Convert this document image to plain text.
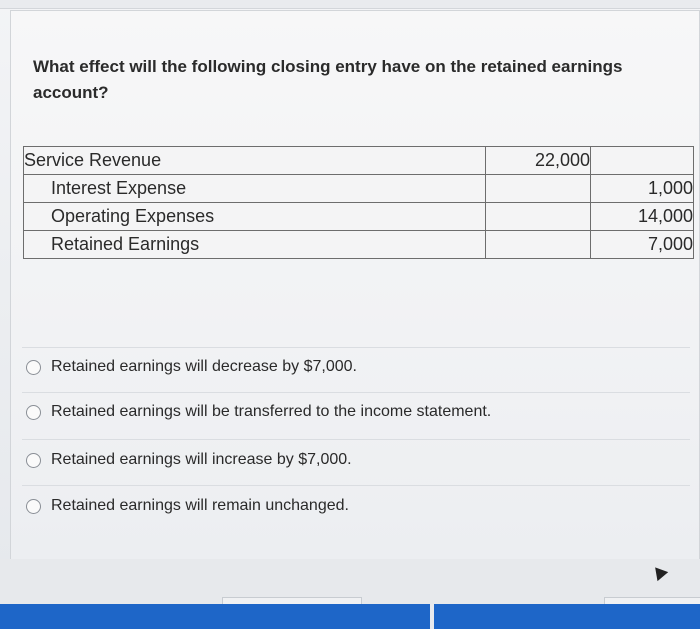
What effect will the following closing entry have on the retained earnings account?
Service Revenue	22,000	
Interest Expense		1,000
Operating Expenses		14,000
Retained Earnings		7,000
Retained earnings will decrease by $7,000.
Retained earnings will be transferred to the income statement.
Retained earnings will increase by $7,000.
Retained earnings will remain unchanged.
